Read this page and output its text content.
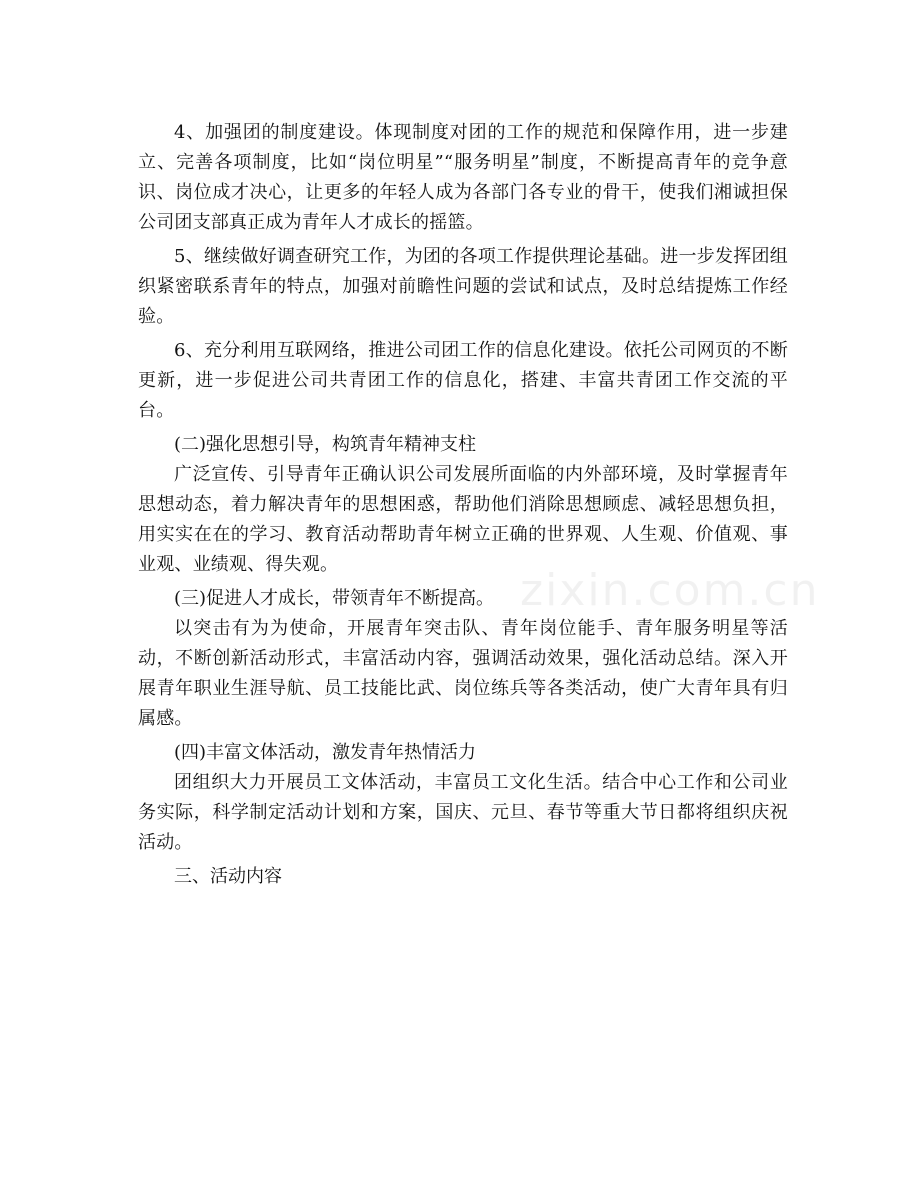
4、加强团的制度建设。体现制度对团的工作的规范和保障作用，进一步建立、完善各项制度，比如“岗位明星”“服务明星”制度，不断提高青年的竞争意识、岗位成才决心，让更多的年轻人成为各部门各专业的骨干，使我们湘诚担保公司团支部真正成为青年人才成长的摇篮。

5、继续做好调查研究工作，为团的各项工作提供理论基础。进一步发挥团组织紧密联系青年的特点，加强对前瞻性问题的尝试和试点，及时总结提炼工作经验。

6、充分利用互联网络，推进公司团工作的信息化建设。依托公司网页的不断更新，进一步促进公司共青团工作的信息化，搭建、丰富共青团工作交流的平台。

(二)强化思想引导，构筑青年精神支柱

广泛宣传、引导青年正确认识公司发展所面临的内外部环境，及时掌握青年思想动态，着力解决青年的思想困惑，帮助他们消除思想顾虑、减轻思想负担，用实实在在的学习、教育活动帮助青年树立正确的世界观、人生观、价值观、事业观、业绩观、得失观。

(三)促进人才成长，带领青年不断提高。

以突击有为为使命，开展青年突击队、青年岗位能手、青年服务明星等活动，不断创新活动形式，丰富活动内容，强调活动效果，强化活动总结。深入开展青年职业生涯导航、员工技能比武、岗位练兵等各类活动，使广大青年具有归属感。

(四)丰富文体活动，激发青年热情活力

团组织大力开展员工文体活动，丰富员工文化生活。结合中心工作和公司业务实际，科学制定活动计划和方案，国庆、元旦、春节等重大节日都将组织庆祝活动。

三、活动内容

zixin.com.cn
